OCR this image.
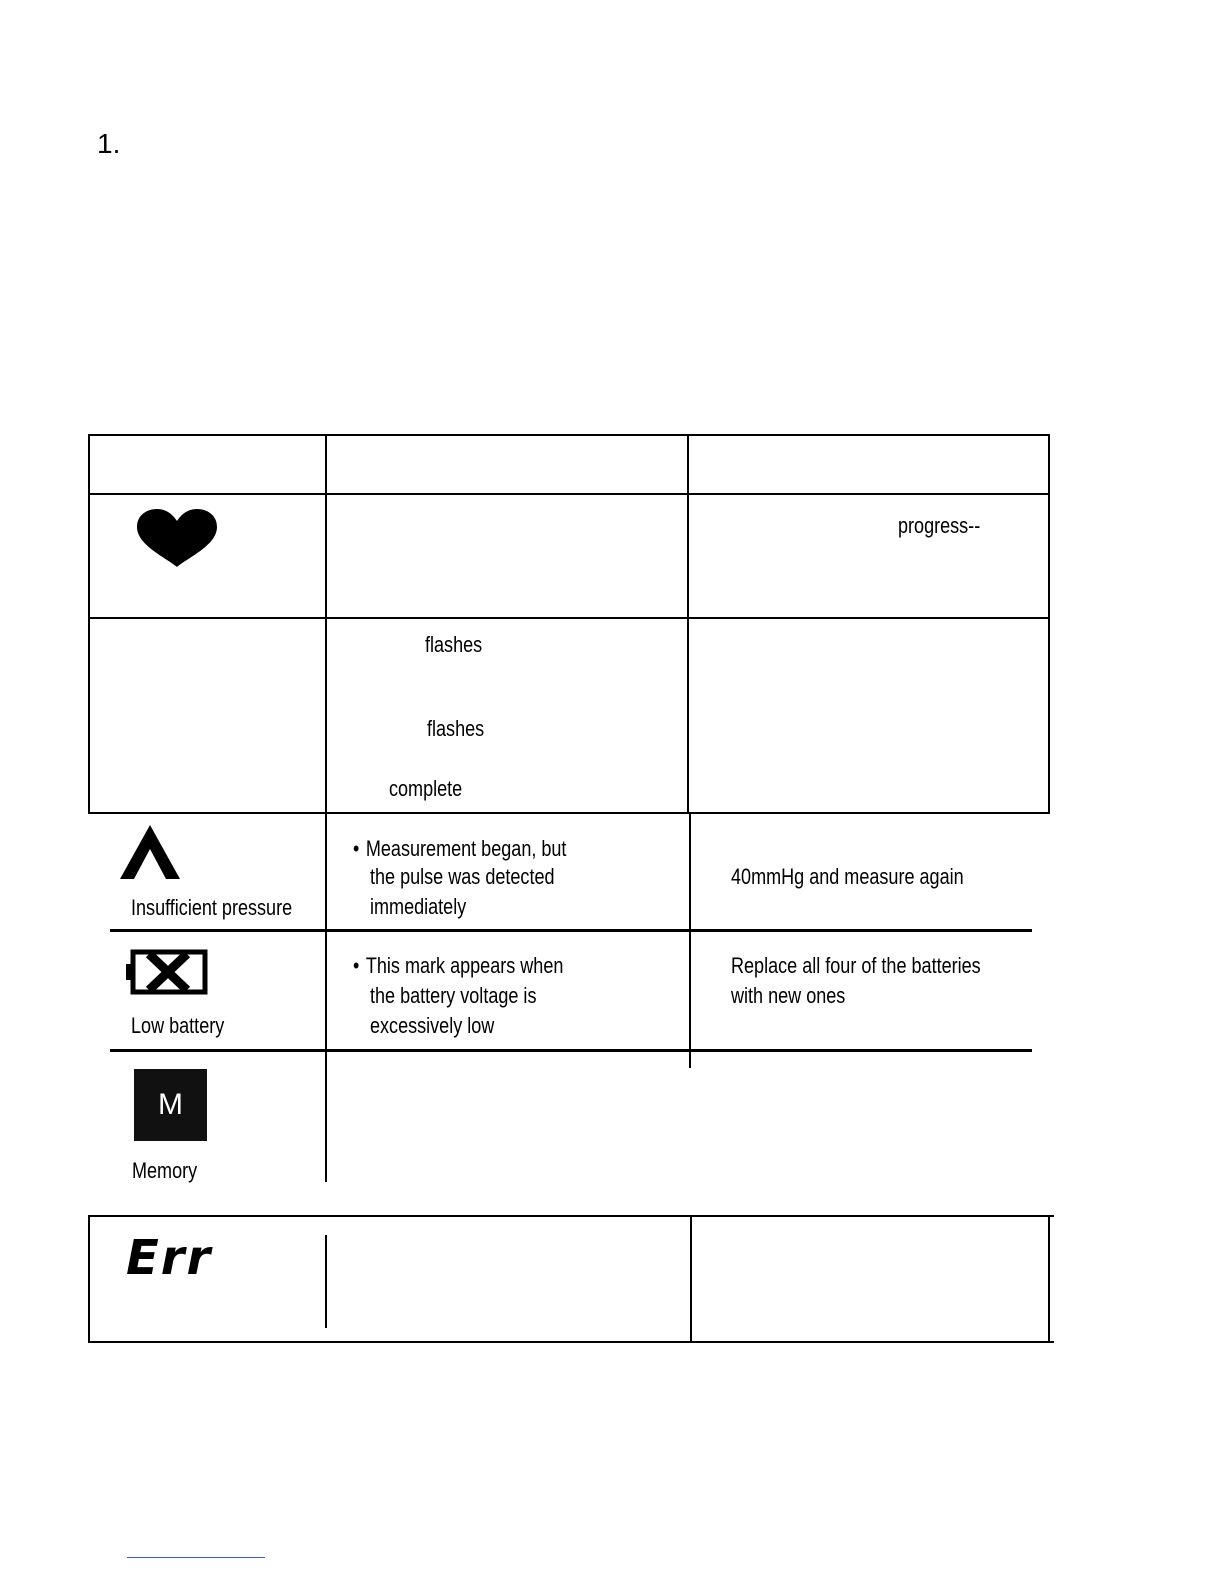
1.
progress--
flashes
flashes
complete
Insufficient pressure
• Measurement began, but
the pulse was detected
immediately
40mmHg and measure again
Low battery
• This mark appears when
the battery voltage is
excessively low
Replace all four of the batteries
with new ones
M
Memory
Err
